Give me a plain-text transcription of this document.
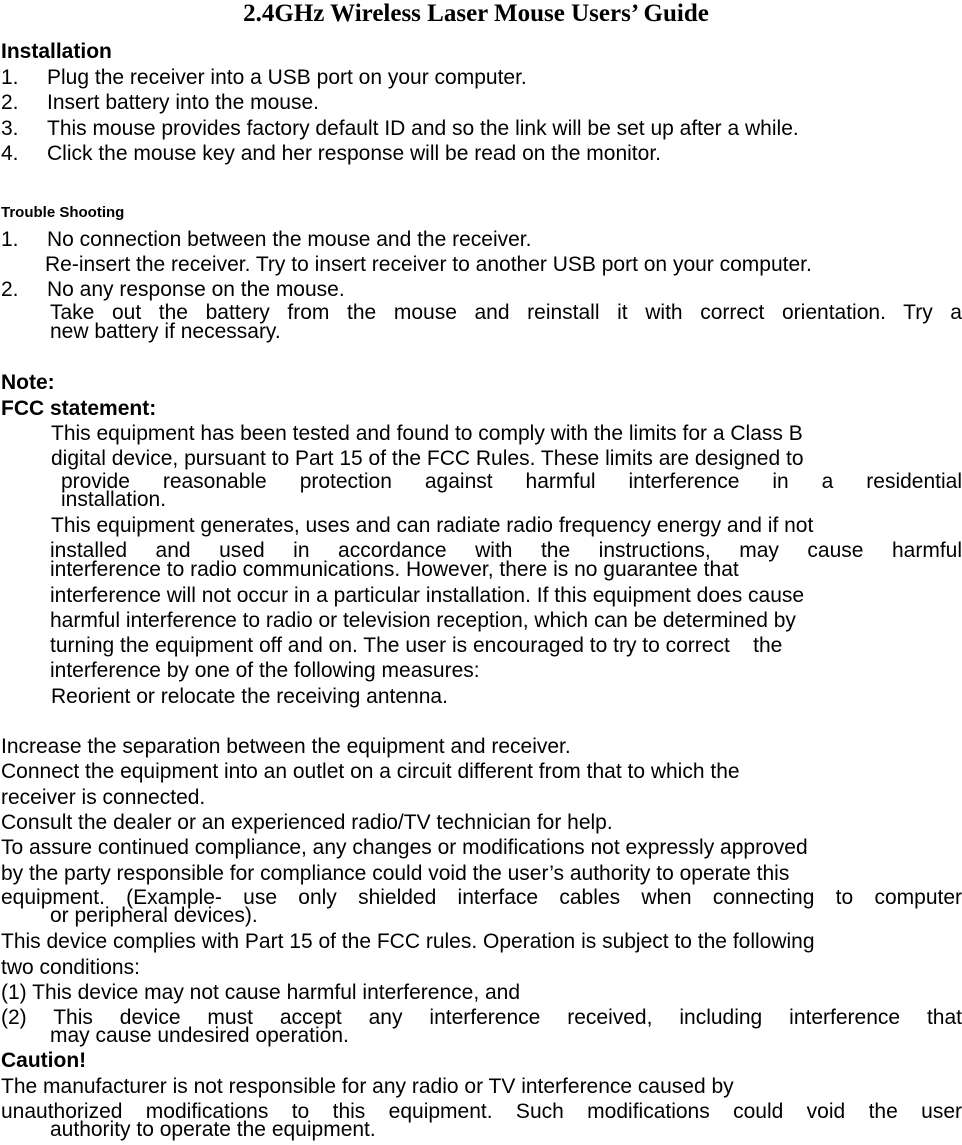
2.4GHz Wireless Laser Mouse Users’ Guide
Installation
1. Plug the receiver into a USB port on your computer.
2. Insert battery into the mouse.
3. This mouse provides factory default ID and so the link will be set up after a while.
4. Click the mouse key and her response will be read on the monitor.
Trouble Shooting
1. No connection between the mouse and the receiver.
Re-insert the receiver. Try to insert receiver to another USB port on your computer.
2. No any response on the mouse.
Take out the battery from the mouse and reinstall it with correct orientation. Try a
new battery if necessary.
Note:
FCC statement:
This equipment has been tested and found to comply with the limits for a Class B
digital device, pursuant to Part 15 of the FCC Rules. These limits are designed to
provide reasonable protection against harmful interference in a residential
installation.
This equipment generates, uses and can radiate radio frequency energy and if not
installed and used in accordance with the instructions, may cause harmful
interference to radio communications. However, there is no guarantee that
interference will not occur in a particular installation. If this equipment does cause
harmful interference to radio or television reception, which can be determined by
turning the equipment off and on. The user is encouraged to try to correct    the
interference by one of the following measures:
Reorient or relocate the receiving antenna.
Increase the separation between the equipment and receiver.
Connect the equipment into an outlet on a circuit different from that to which the
receiver is connected.
Consult the dealer or an experienced radio/TV technician for help.
To assure continued compliance, any changes or modifications not expressly approved
by the party responsible for compliance could void the user’s authority to operate this
equipment. (Example- use only shielded interface cables when connecting to computer
or peripheral devices).
This device complies with Part 15 of the FCC rules. Operation is subject to the following
two conditions:
(1) This device may not cause harmful interference, and
(2) This device must accept any interference received, including interference that
may cause undesired operation.
Caution!
The manufacturer is not responsible for any radio or TV interference caused by
unauthorized modifications to this equipment. Such modifications could void the user
authority to operate the equipment.
